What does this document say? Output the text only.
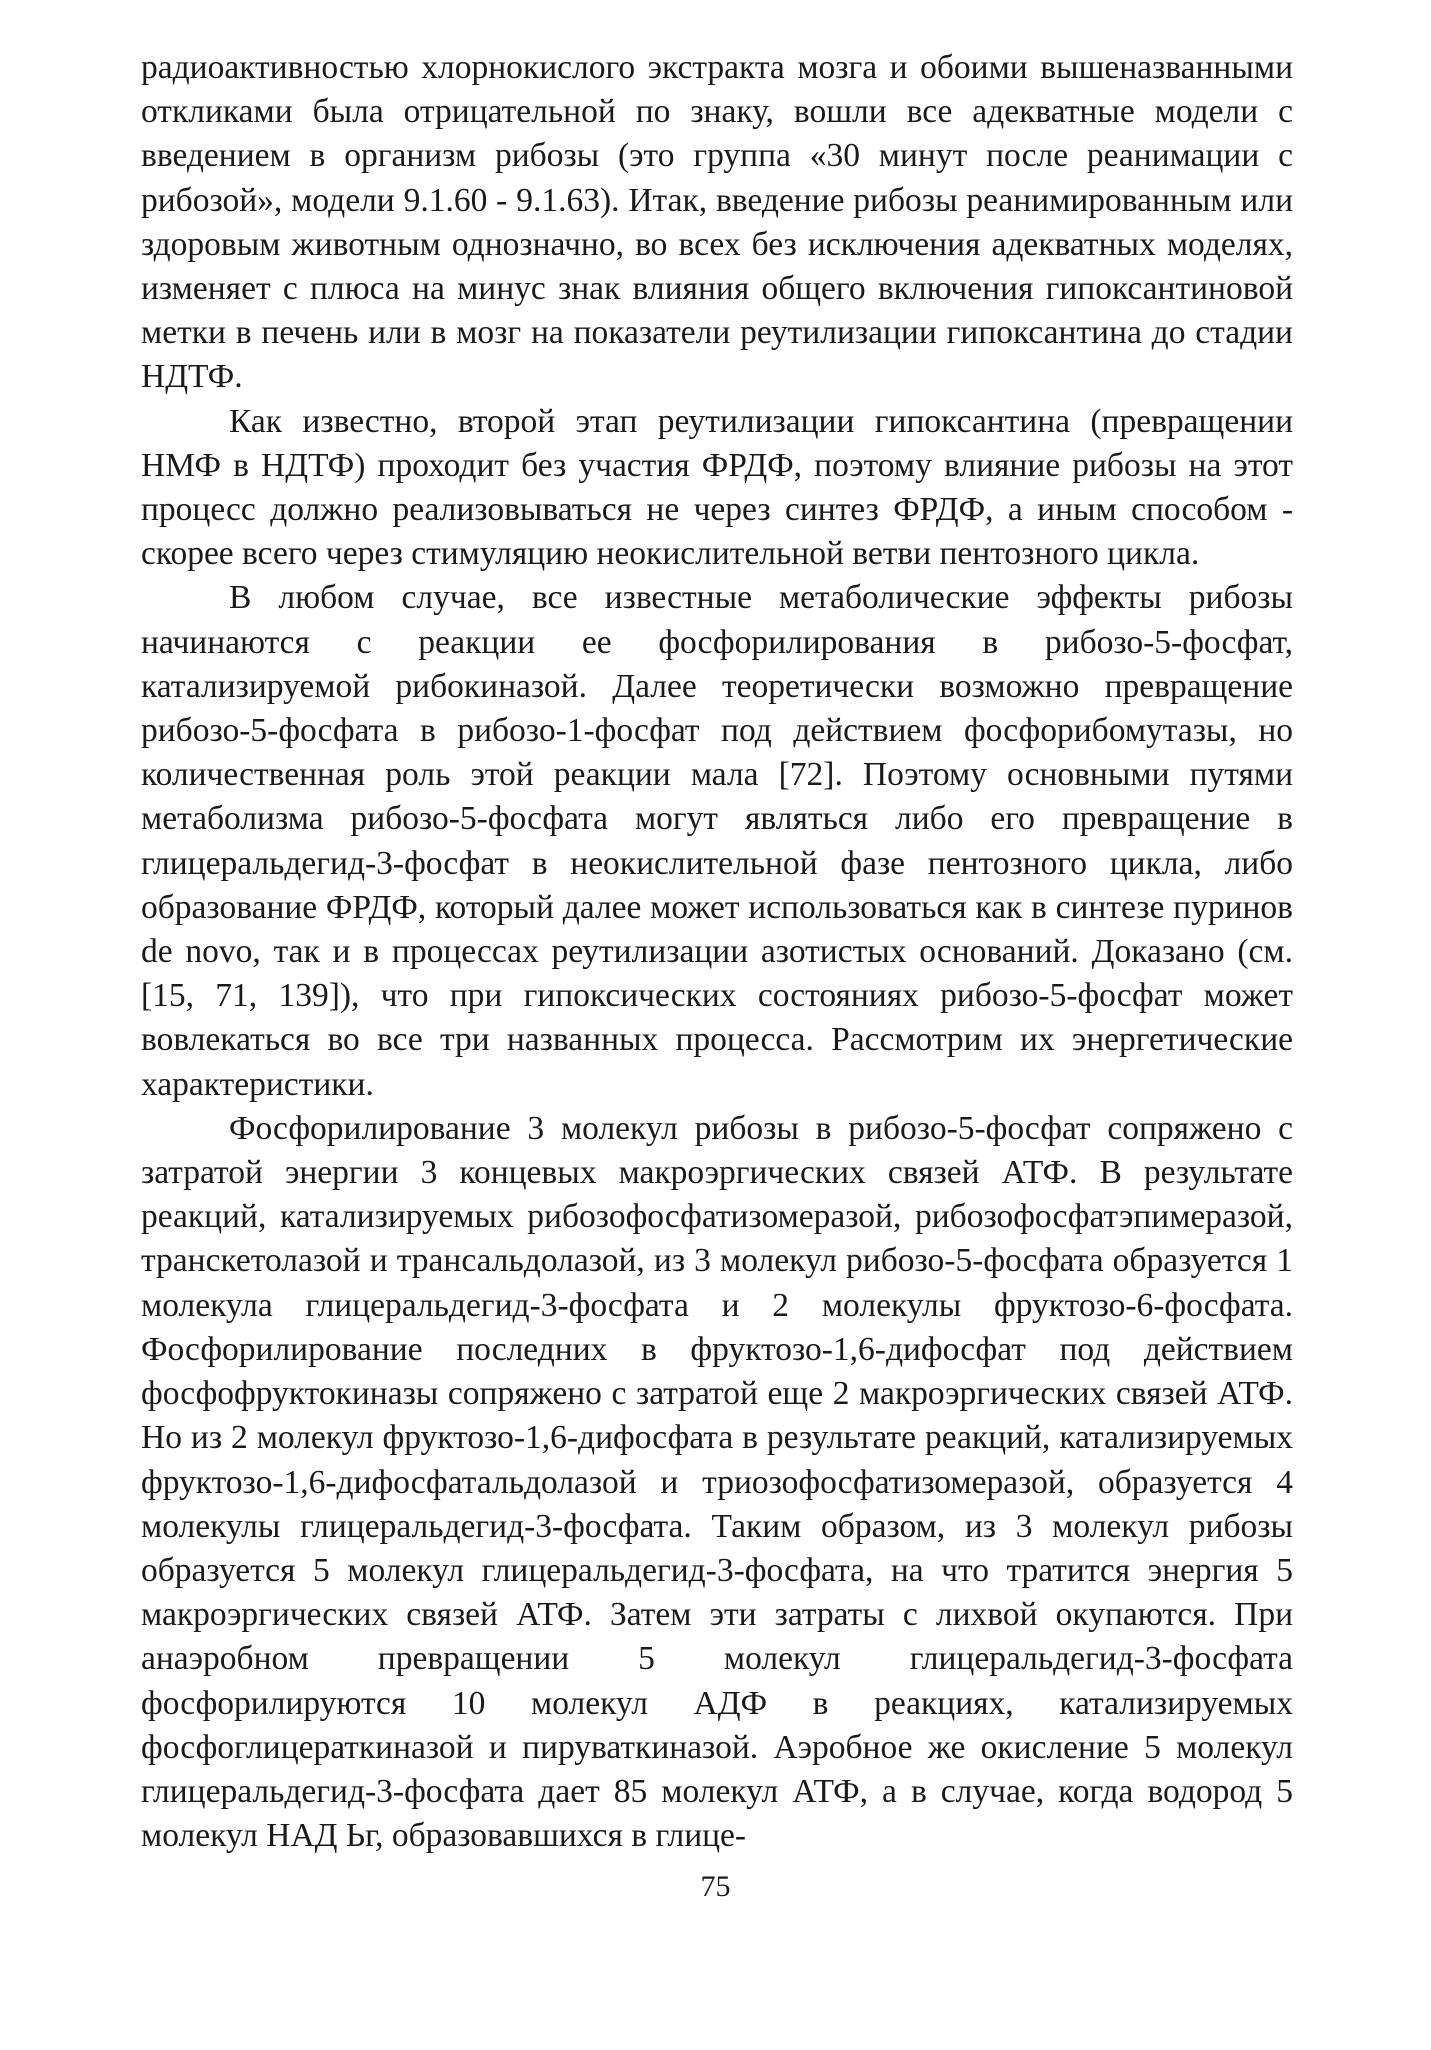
радиоактивностью хлорнокислого экстракта мозга и обоими вышеназванными откликами была отрицательной по знаку, вошли все адекватные модели с введением в организм рибозы (это группа «30 минут после реанимации с рибозой», модели 9.1.60 - 9.1.63). Итак, введение рибозы реанимированным или здоровым животным однозначно, во всех без исключения адекватных моделях, изменяет с плюса на минус знак влияния общего включения гипоксантиновой метки в печень или в мозг на показатели реутилизации гипоксантина до стадии НДТФ.

Как известно, второй этап реутилизации гипоксантина (превращении НМФ в НДТФ) проходит без участия ФРДФ, поэтому влияние рибозы на этот процесс должно реализовываться не через синтез ФРДФ, а иным способом - скорее всего через стимуляцию неокислительной ветви пентозного цикла.

В любом случае, все известные метаболические эффекты рибозы начинаются с реакции ее фосфорилирования в рибозо-5-фосфат, катализируемой рибокиназой. Далее теоретически возможно превращение рибозо-5-фосфата в рибозо-1-фосфат под действием фосфорибомутазы, но количественная роль этой реакции мала [72]. Поэтому основными путями метаболизма рибозо-5-фосфата могут являться либо его превращение в глицеральдегид-3-фосфат в неокислительной фазе пентозного цикла, либо образование ФРДФ, который далее может использоваться как в синтезе пуринов de novo, так и в процессах реутилизации азотистых оснований. Доказано (см. [15, 71, 139]), что при гипоксических состояниях рибозо-5-фосфат может вовлекаться во все три названных процесса. Рассмотрим их энергетические характеристики.

Фосфорилирование 3 молекул рибозы в рибозо-5-фосфат сопряжено с затратой энергии 3 концевых макроэргических связей АТФ. В результате реакций, катализируемых рибозофосфатизомеразой, рибозофосфатэпимеразой, транскетолазой и трансальдолазой, из 3 молекул рибозо-5-фосфата образуется 1 молекула глицеральдегид-3-фосфата и 2 молекулы фруктозо-6-фосфата. Фосфорилирование последних в фруктозо-1,6-дифосфат под действием фосфофруктокиназы сопряжено с затратой еще 2 макроэргических связей АТФ. Но из 2 молекул фруктозо-1,6-дифосфата в результате реакций, катализируемых фруктозо-1,6-дифосфатальдолазой и триозофосфатизомеразой, образуется 4 молекулы глицеральдегид-3-фосфата. Таким образом, из 3 молекул рибозы образуется 5 молекул глицеральдегид-3-фосфата, на что тратится энергия 5 макроэргических связей АТФ. Затем эти затраты с лихвой окупаются. При анаэробном превращении 5 молекул глицеральдегид-3-фосфата фосфорилируются 10 молекул АДФ в реакциях, катализируемых фосфоглицераткиназой и пируваткиназой. Аэробное же окисление 5 молекул глицеральдегид-3-фосфата дает 85 молекул АТФ, а в случае, когда водород 5 молекул НАД Ьг, образовавшихся в глице-

75
